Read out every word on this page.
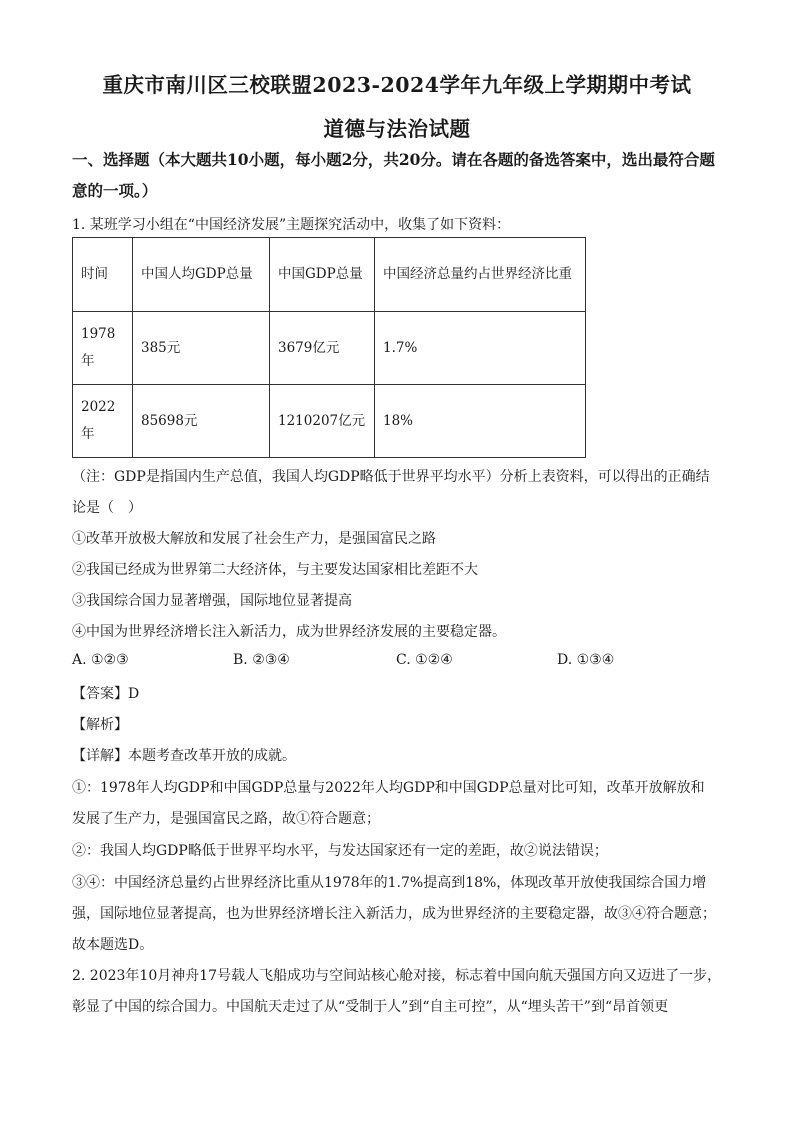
重庆市南川区三校联盟2023-2024学年九年级上学期期中考试
道德与法治试题
一、选择题（本大题共10小题，每小题2分，共20分。请在各题的备选答案中，选出最符合题意的一项。）
1. 某班学习小组在“中国经济发展”主题探究活动中，收集了如下资料：
时间	中国人均GDP总量	中国GDP总量	中国经济总量约占世界经济比重
1978年	385元	3679亿元	1.7%
2022年	85698元	1210207亿元	18%
（注：GDP是指国内生产总值，我国人均GDP略低于世界平均水平）分析上表资料，可以得出的正确结
论是（　）
①改革开放极大解放和发展了社会生产力，是强国富民之路
②我国已经成为世界第二大经济体，与主要发达国家相比差距不大
③我国综合国力显著增强，国际地位显著提高
④中国为世界经济增长注入新活力，成为世界经济发展的主要稳定器。
A. ①②③	B. ②③④	C. ①②④	D. ①③④
【答案】D
【解析】
【详解】本题考查改革开放的成就。
①：1978年人均GDP和中国GDP总量与2022年人均GDP和中国GDP总量对比可知，改革开放解放和
发展了生产力，是强国富民之路，故①符合题意；
②：我国人均GDP略低于世界平均水平，与发达国家还有一定的差距，故②说法错误；
③④：中国经济总量约占世界经济比重从1978年的1.7%提高到18%，体现改革开放使我国综合国力增
强，国际地位显著提高，也为世界经济增长注入新活力，成为世界经济的主要稳定器，故③④符合题意；
故本题选D。
2. 2023年10月神舟17号载人飞船成功与空间站核心舱对接，标志着中国向航天强国方向又迈进了一步，
彰显了中国的综合国力。中国航天走过了从“受制于人”到“自主可控”，从“埋头苦干”到“昂首领更
